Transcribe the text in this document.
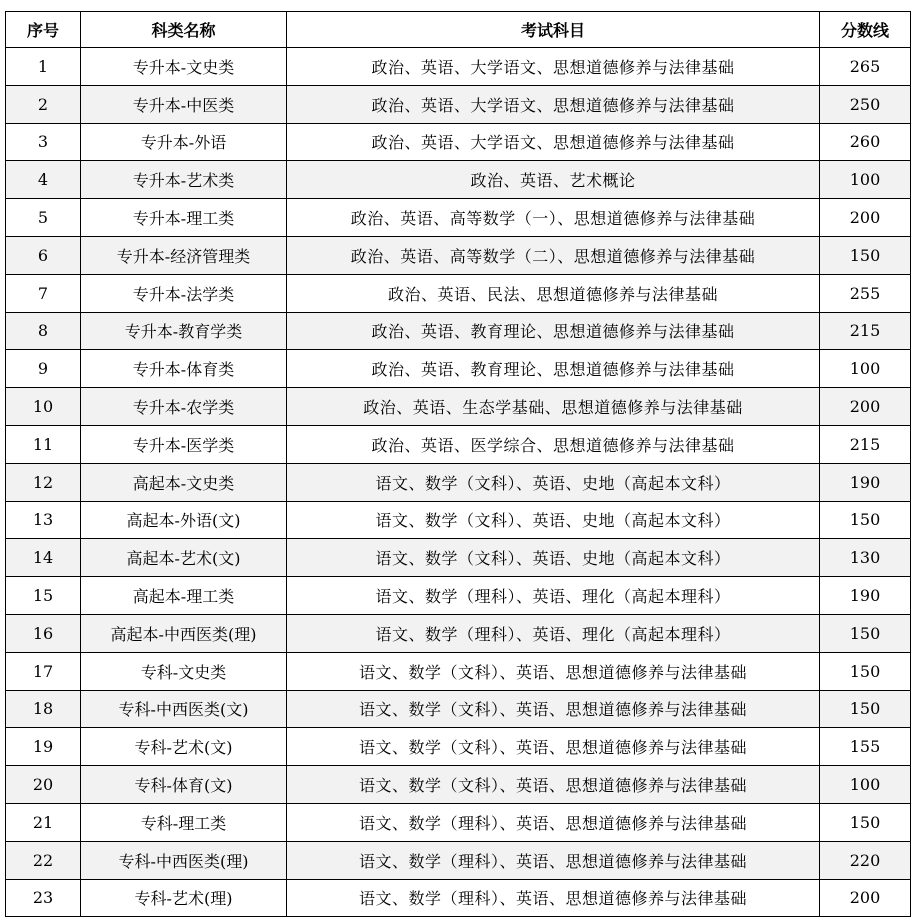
序号	科类名称	考试科目	分数线
1	专升本-文史类	政治、英语、大学语文、思想道德修养与法律基础	265
2	专升本-中医类	政治、英语、大学语文、思想道德修养与法律基础	250
3	专升本-外语	政治、英语、大学语文、思想道德修养与法律基础	260
4	专升本-艺术类	政治、英语、艺术概论	100
5	专升本-理工类	政治、英语、高等数学（一）、思想道德修养与法律基础	200
6	专升本-经济管理类	政治、英语、高等数学（二）、思想道德修养与法律基础	150
7	专升本-法学类	政治、英语、民法、思想道德修养与法律基础	255
8	专升本-教育学类	政治、英语、教育理论、思想道德修养与法律基础	215
9	专升本-体育类	政治、英语、教育理论、思想道德修养与法律基础	100
10	专升本-农学类	政治、英语、生态学基础、思想道德修养与法律基础	200
11	专升本-医学类	政治、英语、医学综合、思想道德修养与法律基础	215
12	高起本-文史类	语文、数学（文科）、英语、史地（高起本文科）	190
13	高起本-外语(文)	语文、数学（文科）、英语、史地（高起本文科）	150
14	高起本-艺术(文)	语文、数学（文科）、英语、史地（高起本文科）	130
15	高起本-理工类	语文、数学（理科）、英语、理化（高起本理科）	190
16	高起本-中西医类(理)	语文、数学（理科）、英语、理化（高起本理科）	150
17	专科-文史类	语文、数学（文科）、英语、思想道德修养与法律基础	150
18	专科-中西医类(文)	语文、数学（文科）、英语、思想道德修养与法律基础	150
19	专科-艺术(文)	语文、数学（文科）、英语、思想道德修养与法律基础	155
20	专科-体育(文)	语文、数学（文科）、英语、思想道德修养与法律基础	100
21	专科-理工类	语文、数学（理科）、英语、思想道德修养与法律基础	150
22	专科-中西医类(理)	语文、数学（理科）、英语、思想道德修养与法律基础	220
23	专科-艺术(理)	语文、数学（理科）、英语、思想道德修养与法律基础	200
